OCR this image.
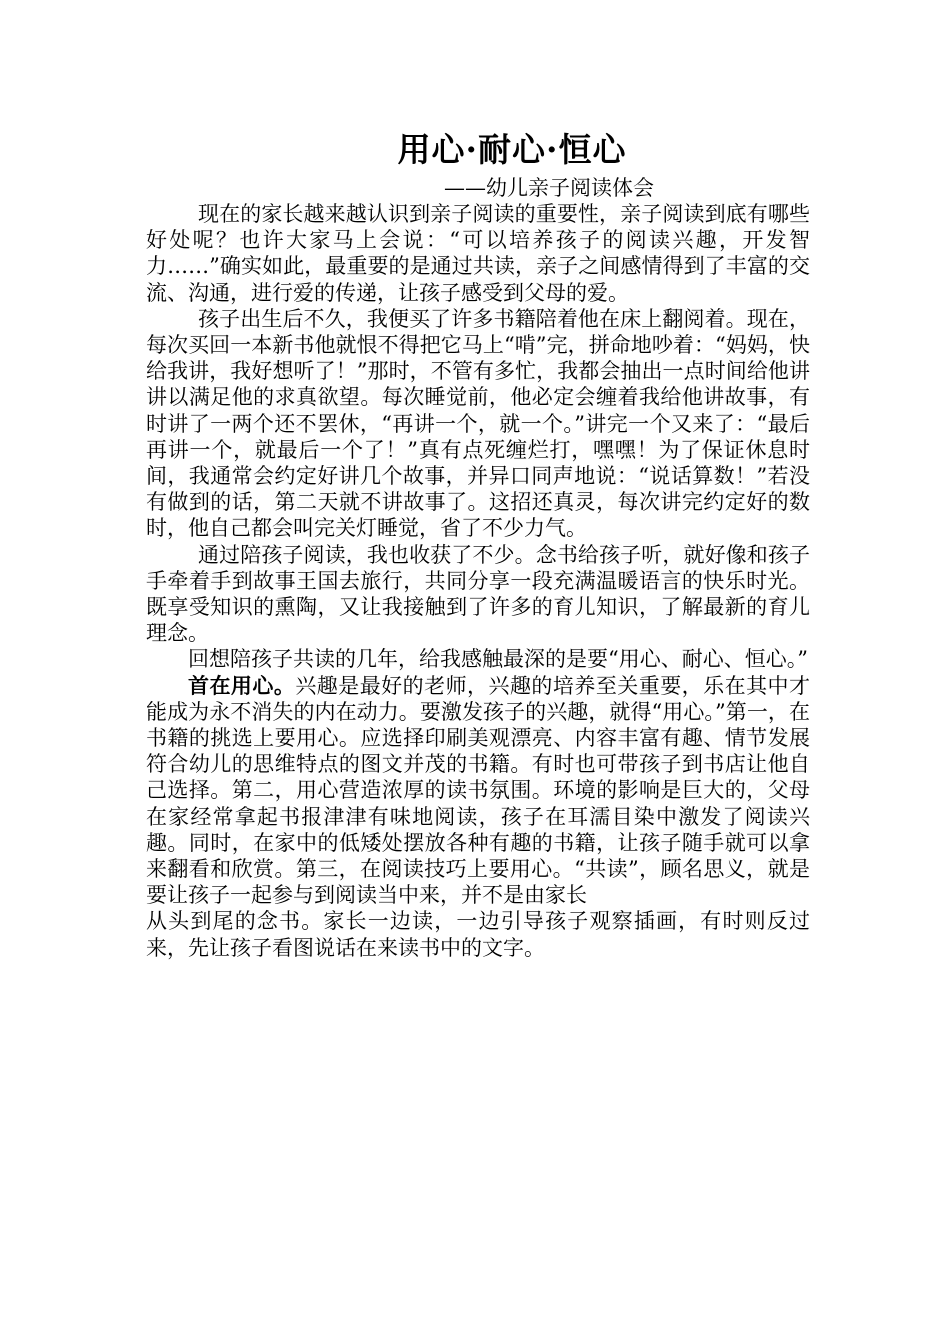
用心·耐心·恒心
——幼儿亲子阅读体会

现在的家长越来越认识到亲子阅读的重要性，亲子阅读到底有哪些好处呢？也许大家马上会说：“可以培养孩子的阅读兴趣，开发智力……”确实如此，最重要的是通过共读，亲子之间感情得到了丰富的交流、沟通，进行爱的传递，让孩子感受到父母的爱。

孩子出生后不久，我便买了许多书籍陪着他在床上翻阅着。现在，每次买回一本新书他就恨不得把它马上“啃”完，拼命地吵着：“妈妈，快给我讲，我好想听了！”那时，不管有多忙，我都会抽出一点时间给他讲讲以满足他的求真欲望。每次睡觉前，他必定会缠着我给他讲故事，有时讲了一两个还不罢休，“再讲一个，就一个。”讲完一个又来了：“最后再讲一个，就最后一个了！”真有点死缠烂打，嘿嘿！为了保证休息时间，我通常会约定好讲几个故事，并异口同声地说：“说话算数！”若没有做到的话，第二天就不讲故事了。这招还真灵，每次讲完约定好的数时，他自己都会叫完关灯睡觉，省了不少力气。

通过陪孩子阅读，我也收获了不少。念书给孩子听，就好像和孩子手牵着手到故事王国去旅行，共同分享一段充满温暖语言的快乐时光。既享受知识的熏陶，又让我接触到了许多的育儿知识，了解最新的育儿理念。

回想陪孩子共读的几年，给我感触最深的是要“用心、耐心、恒心。”

首在用心。兴趣是最好的老师，兴趣的培养至关重要，乐在其中才能成为永不消失的内在动力。要激发孩子的兴趣，就得“用心。”第一，在书籍的挑选上要用心。应选择印刷美观漂亮、内容丰富有趣、情节发展符合幼儿的思维特点的图文并茂的书籍。有时也可带孩子到书店让他自己选择。第二，用心营造浓厚的读书氛围。环境的影响是巨大的，父母在家经常拿起书报津津有味地阅读，孩子在耳濡目染中激发了阅读兴趣。同时，在家中的低矮处摆放各种有趣的书籍，让孩子随手就可以拿来翻看和欣赏。第三，在阅读技巧上要用心。“共读”，顾名思义，就是要让孩子一起参与到阅读当中来，并不是由家长

从头到尾的念书。家长一边读，一边引导孩子观察插画，有时则反过来，先让孩子看图说话在来读书中的文字。
